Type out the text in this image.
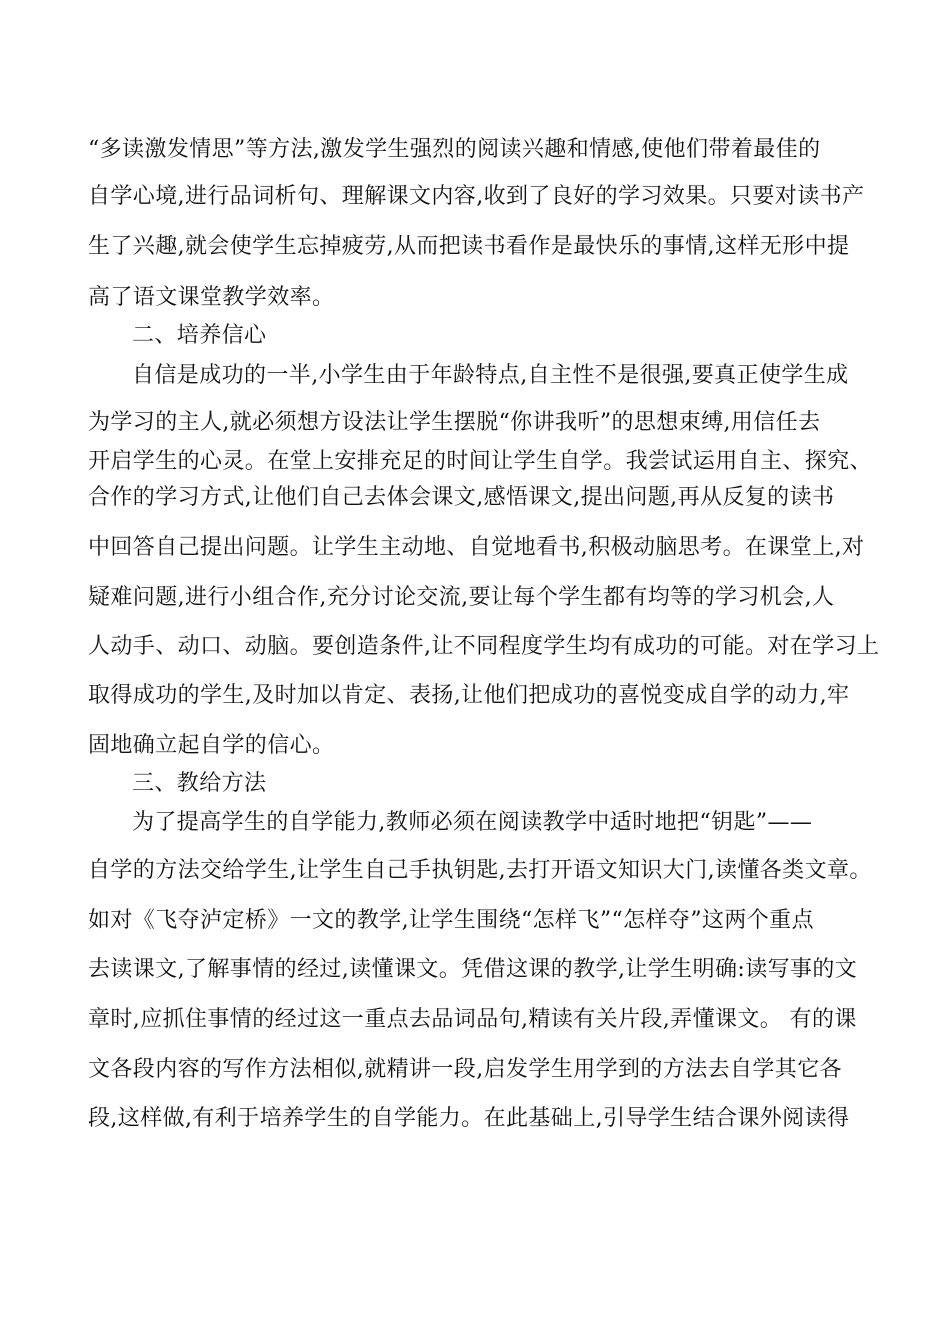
“多读激发情思”等方法,激发学生强烈的阅读兴趣和情感,使他们带着最佳的
自学心境,进行品词析句、理解课文内容,收到了良好的学习效果。只要对读书产
生了兴趣,就会使学生忘掉疲劳,从而把读书看作是最快乐的事情,这样无形中提
高了语文课堂教学效率。
二、培养信心
自信是成功的一半,小学生由于年龄特点,自主性不是很强,要真正使学生成
为学习的主人,就必须想方设法让学生摆脱“你讲我听”的思想束缚,用信任去
开启学生的心灵。在堂上安排充足的时间让学生自学。我尝试运用自主、探究、
合作的学习方式,让他们自己去体会课文,感悟课文,提出问题,再从反复的读书
中回答自己提出问题。让学生主动地、自觉地看书,积极动脑思考。在课堂上,对
疑难问题,进行小组合作,充分讨论交流,要让每个学生都有均等的学习机会,人
人动手、动口、动脑。要创造条件,让不同程度学生均有成功的可能。对在学习上
取得成功的学生,及时加以肯定、表扬,让他们把成功的喜悦变成自学的动力,牢
固地确立起自学的信心。
三、教给方法
为了提高学生的自学能力,教师必须在阅读教学中适时地把“钥匙”——
自学的方法交给学生,让学生自己手执钥匙,去打开语文知识大门,读懂各类文章。
如对《飞夺泸定桥》一文的教学,让学生围绕“怎样飞”“怎样夺”这两个重点
去读课文,了解事情的经过,读懂课文。凭借这课的教学,让学生明确:读写事的文
章时,应抓住事情的经过这一重点去品词品句,精读有关片段,弄懂课文。 有的课
文各段内容的写作方法相似,就精讲一段,启发学生用学到的方法去自学其它各
段,这样做,有利于培养学生的自学能力。在此基础上,引导学生结合课外阅读得
